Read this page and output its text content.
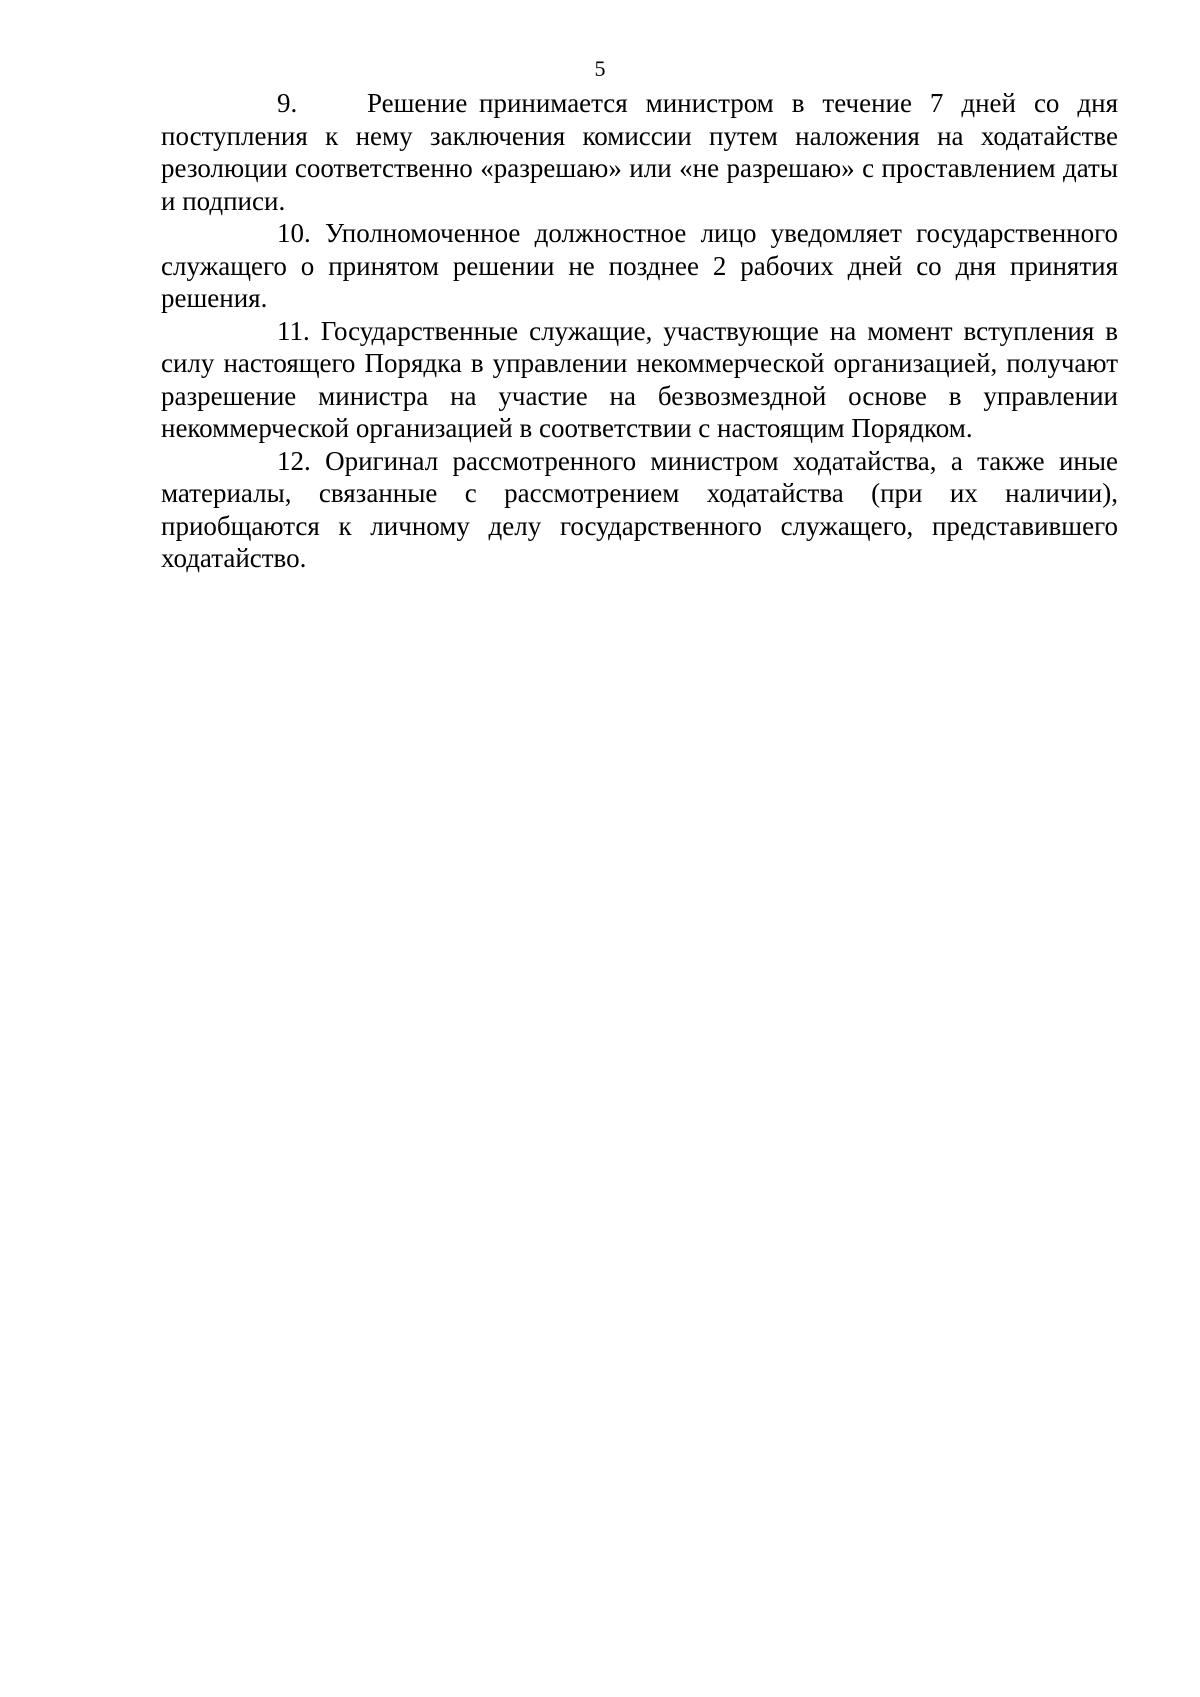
5

9.	Решение принимается министром в течение 7 дней со дня поступления к нему заключения комиссии путем наложения на ходатайстве резолюции соответственно «разрешаю» или «не разрешаю» с проставлением даты и подписи.

10. Уполномоченное должностное лицо уведомляет государственного служащего о принятом решении не позднее 2 рабочих дней со дня принятия решения.

11. Государственные служащие, участвующие на момент вступления в силу настоящего Порядка в управлении некоммерческой организацией, получают разрешение министра на участие на безвозмездной основе в управлении некоммерческой организацией в соответствии с настоящим Порядком.

12. Оригинал рассмотренного министром ходатайства, а также иные материалы, связанные с рассмотрением ходатайства (при их наличии), приобщаются к личному делу государственного служащего, представившего ходатайство.
